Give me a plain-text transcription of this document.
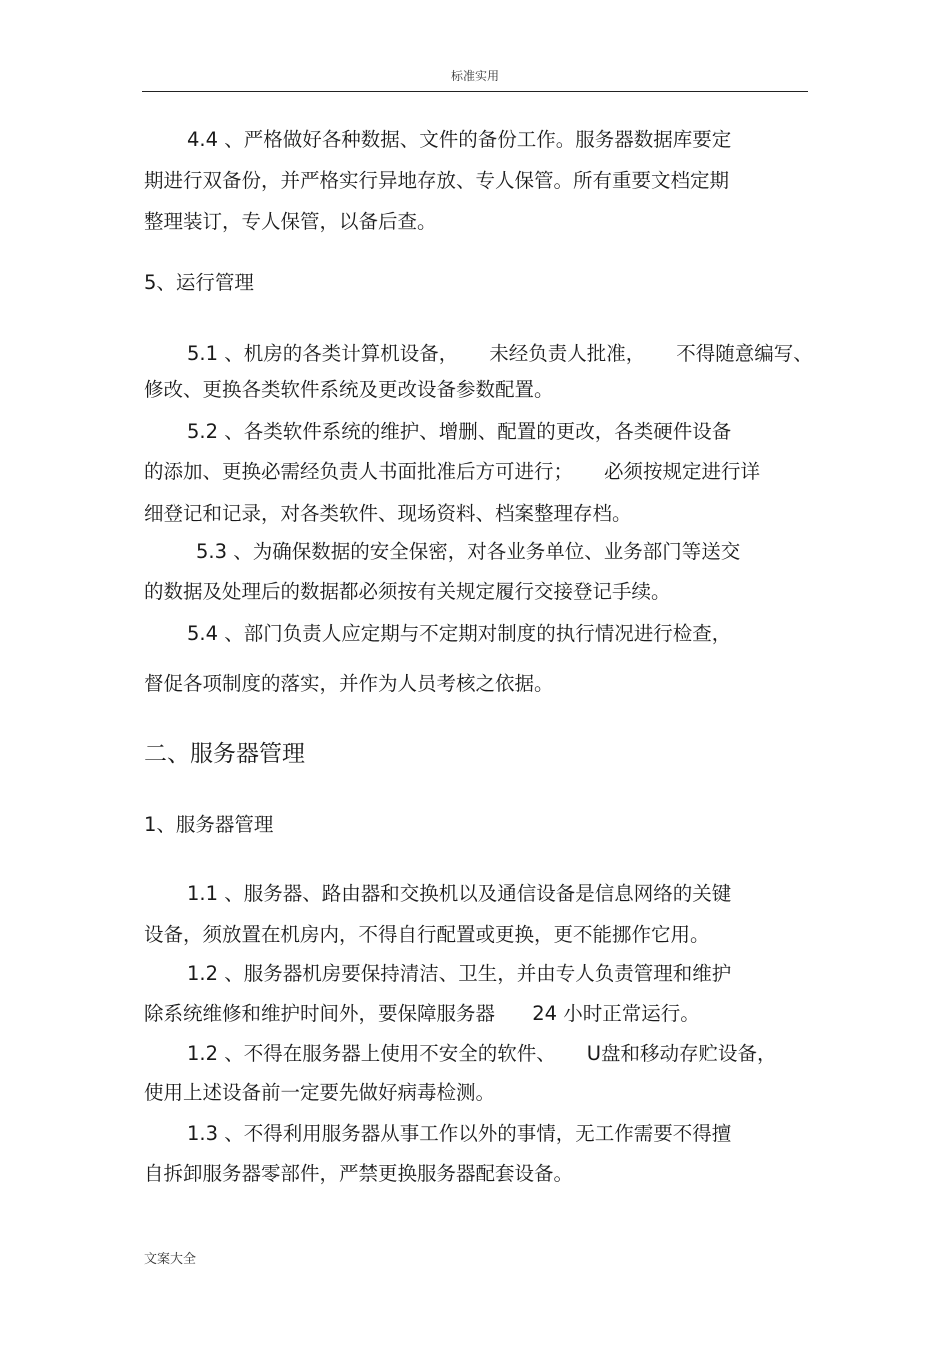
标准实用
4.4 、严格做好各种数据、文件的备份工作。服务器数据库要定
期进行双备份，并严格实行异地存放、专人保管。所有重要文档定期
整理装订，专人保管，以备后查。
5、运行管理
5.1 、机房的各类计算机设备，     未经负责人批准，     不得随意编写、
修改、更换各类软件系统及更改设备参数配置。
5.2 、各类软件系统的维护、增删、配置的更改，各类硬件设备
的添加、更换必需经负责人书面批准后方可进行；     必须按规定进行详
细登记和记录，对各类软件、现场资料、档案整理存档。
5.3 、为确保数据的安全保密，对各业务单位、业务部门等送交
的数据及处理后的数据都必须按有关规定履行交接登记手续。
5.4 、部门负责人应定期与不定期对制度的执行情况进行检查，
督促各项制度的落实，并作为人员考核之依据。
二、服务器管理
1、服务器管理
1.1 、服务器、路由器和交换机以及通信设备是信息网络的关键
设备，须放置在机房内，不得自行配置或更换，更不能挪作它用。
1.2 、服务器机房要保持清洁、卫生，并由专人负责管理和维护
除系统维修和维护时间外，要保障服务器      24 小时正常运行。
1.2 、不得在服务器上使用不安全的软件、     U盘和移动存贮设备，
使用上述设备前一定要先做好病毒检测。
1.3 、不得利用服务器从事工作以外的事情，无工作需要不得擅
自拆卸服务器零部件，严禁更换服务器配套设备。
文案大全
